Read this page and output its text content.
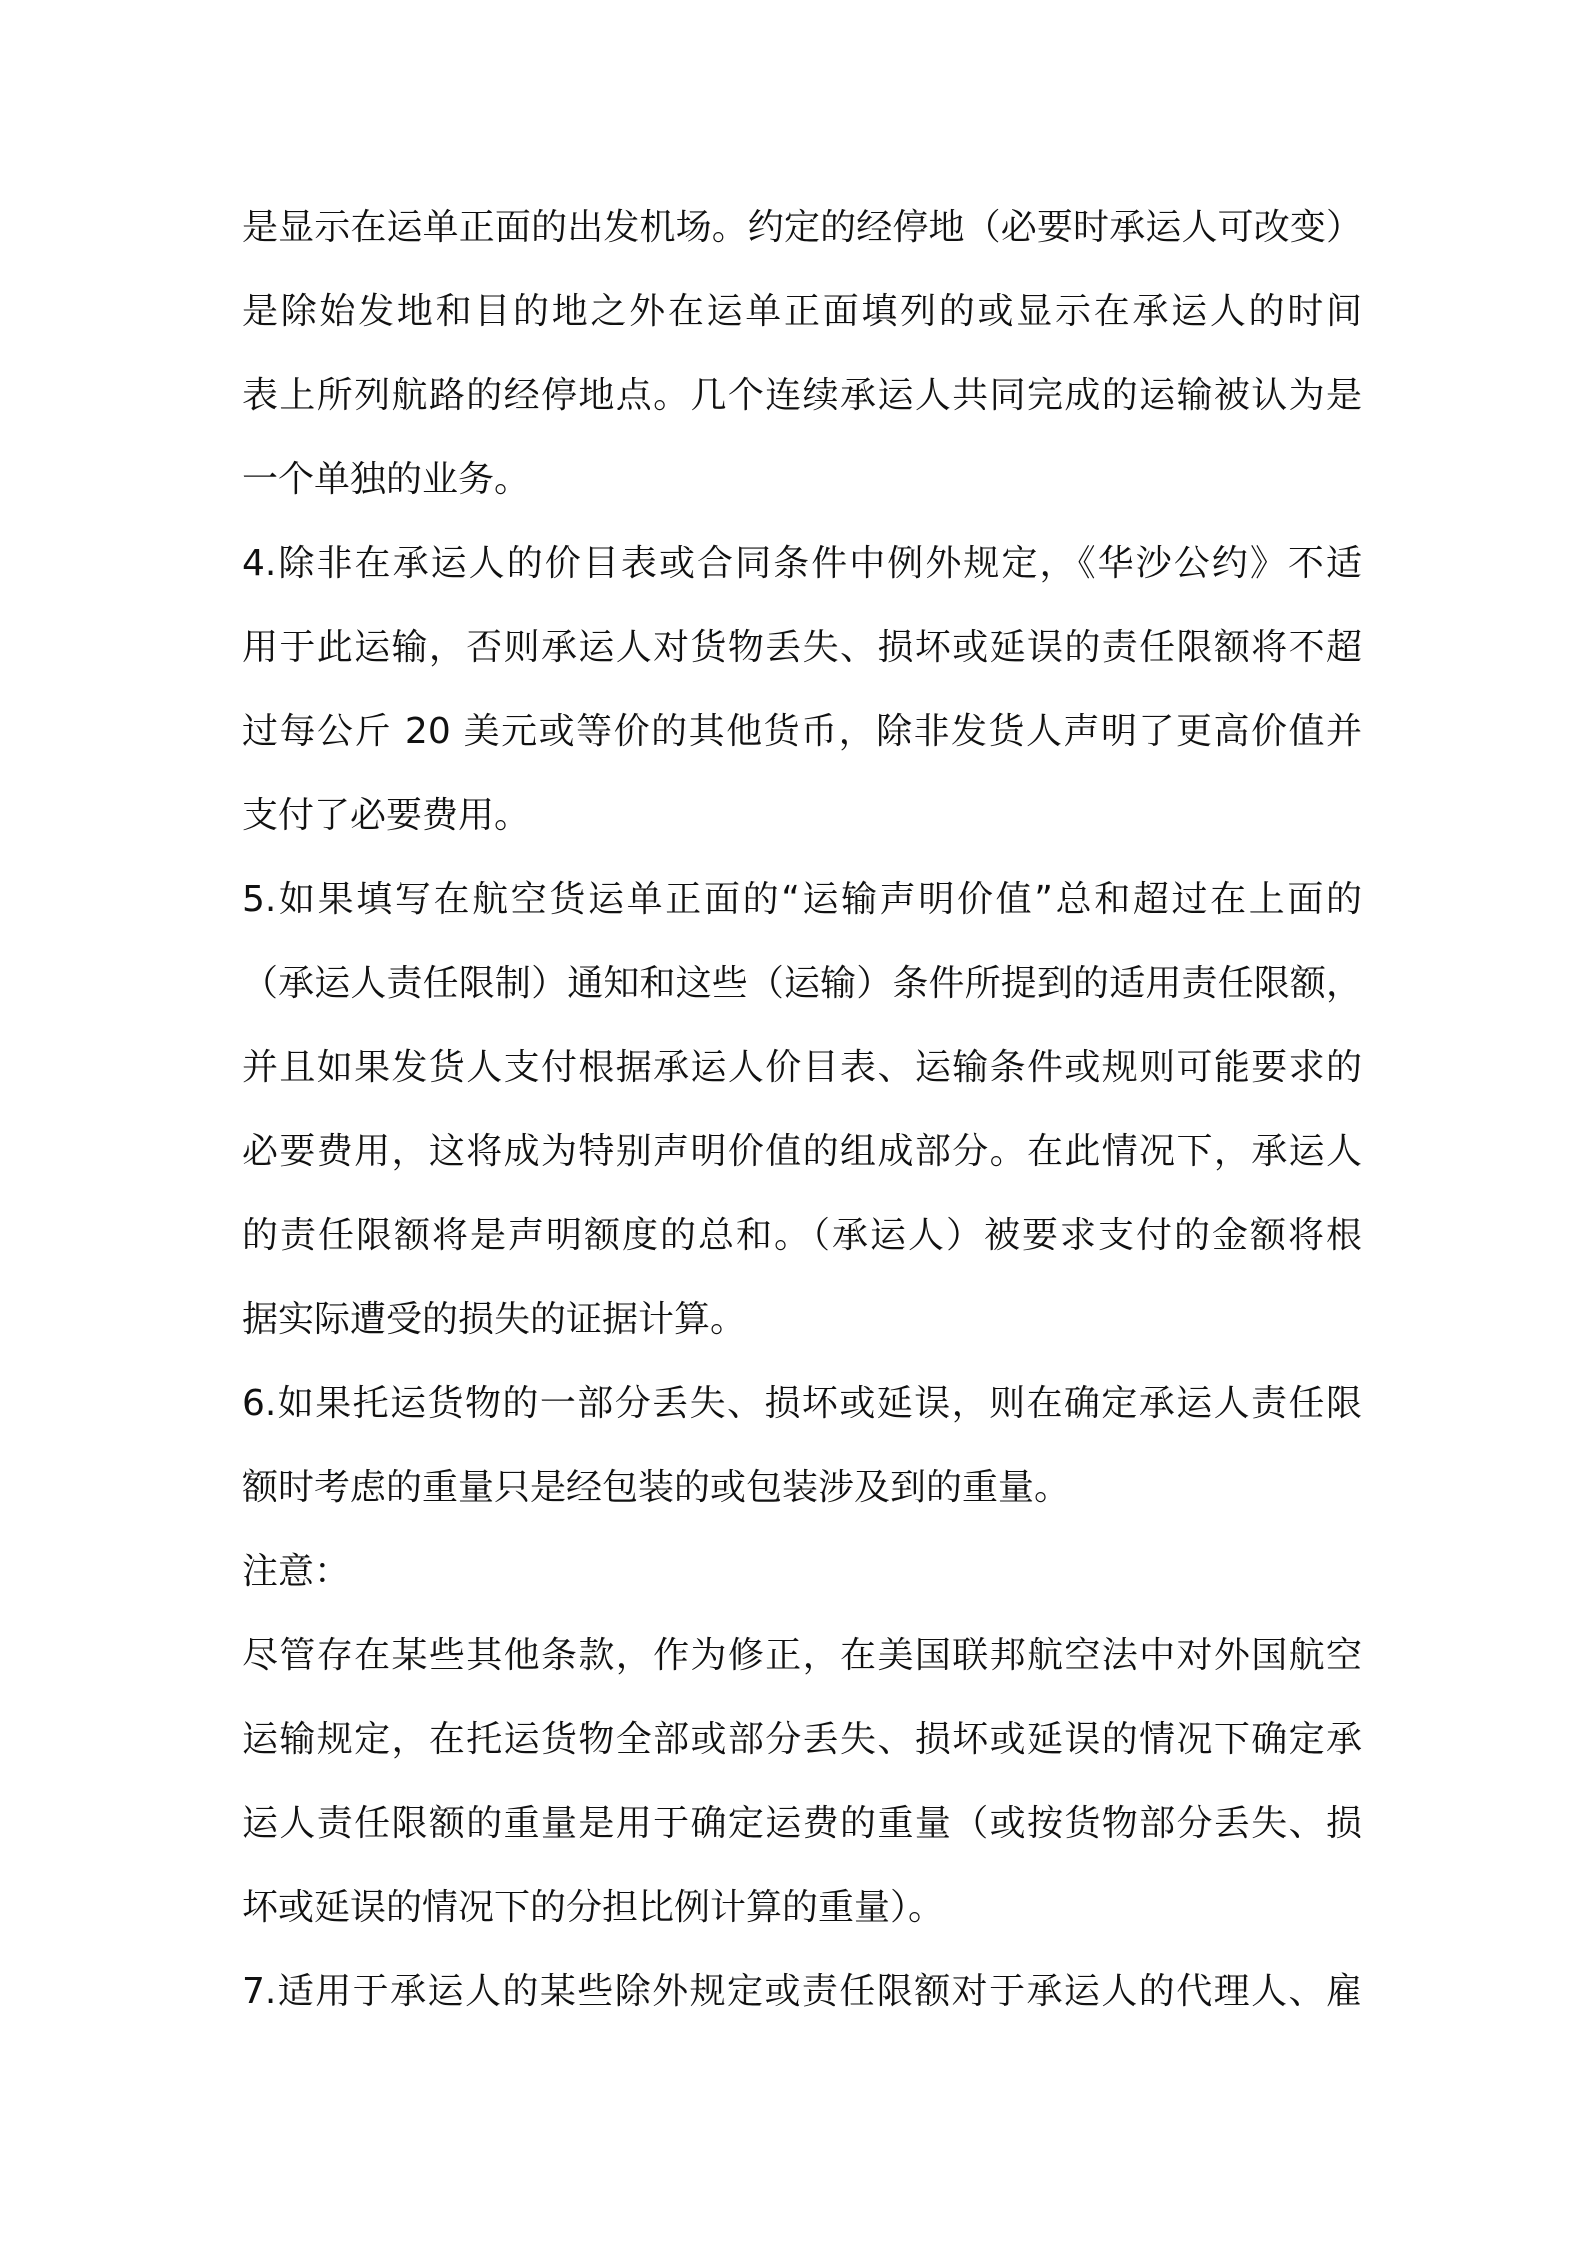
是显示在运单正面的出发机场。约定的经停地（必要时承运人可改变）
是除始发地和目的地之外在运单正面填列的或显示在承运人的时间
表上所列航路的经停地点。几个连续承运人共同完成的运输被认为是
一个单独的业务。
4.除非在承运人的价目表或合同条件中例外规定，《华沙公约》不适
用于此运输，否则承运人对货物丢失、损坏或延误的责任限额将不超
过每公斤 20 美元或等价的其他货币，除非发货人声明了更高价值并
支付了必要费用。
5.如果填写在航空货运单正面的“运输声明价值”总和超过在上面的
（承运人责任限制）通知和这些（运输）条件所提到的适用责任限额，
并且如果发货人支付根据承运人价目表、运输条件或规则可能要求的
必要费用，这将成为特别声明价值的组成部分。在此情况下，承运人
的责任限额将是声明额度的总和。（承运人）被要求支付的金额将根
据实际遭受的损失的证据计算。
6.如果托运货物的一部分丢失、损坏或延误，则在确定承运人责任限
额时考虑的重量只是经包装的或包装涉及到的重量。
注意：
尽管存在某些其他条款，作为修正，在美国联邦航空法中对外国航空
运输规定，在托运货物全部或部分丢失、损坏或延误的情况下确定承
运人责任限额的重量是用于确定运费的重量（或按货物部分丢失、损
坏或延误的情况下的分担比例计算的重量）。
7.适用于承运人的某些除外规定或责任限额对于承运人的代理人、雇
